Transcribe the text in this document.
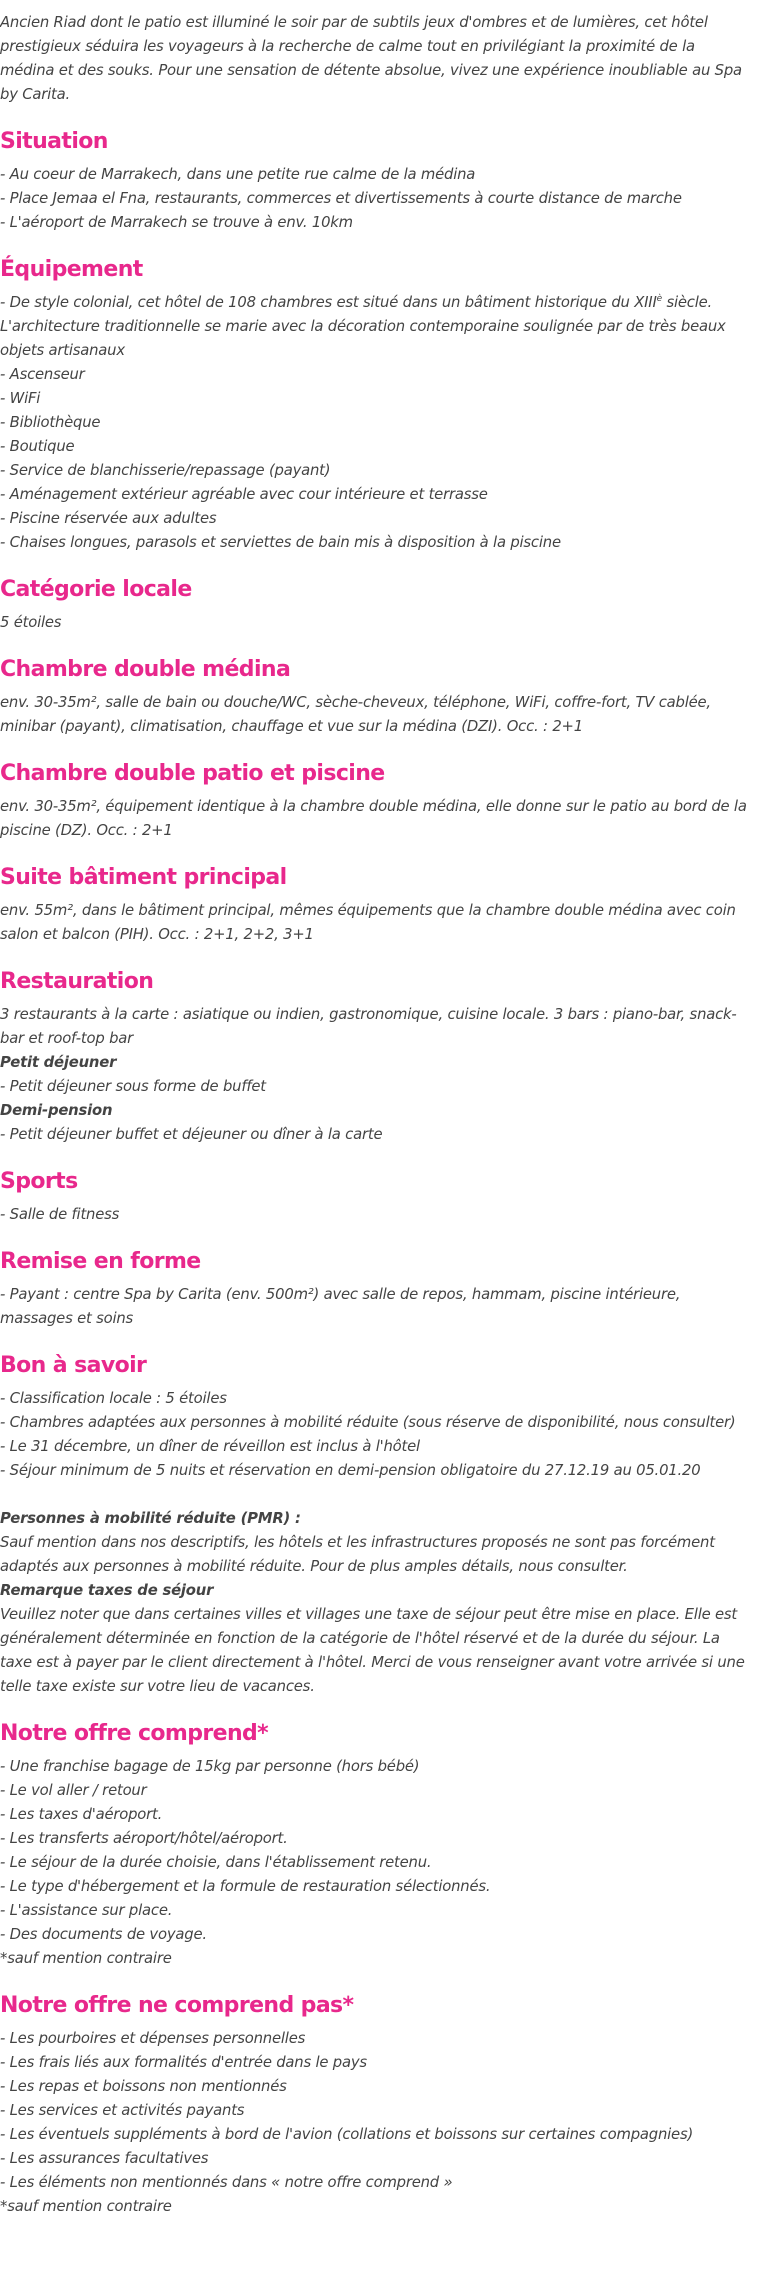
Ancien Riad dont le patio est illuminé le soir par de subtils jeux d'ombres et de lumières, cet hôtel prestigieux séduira les voyageurs à la recherche de calme tout en privilégiant la proximité de la médina et des souks. Pour une sensation de détente absolue, vivez une expérience inoubliable au Spa by Carita.

Situation

- Au coeur de Marrakech, dans une petite rue calme de la médina

- Place Jemaa el Fna, restaurants, commerces et divertissements à courte distance de marche

- L'aéroport de Marrakech se trouve à env. 10km

Équipement

- De style colonial, cet hôtel de 108 chambres est situé dans un bâtiment historique du $XIII^è$ siècle. L'architecture traditionnelle se marie avec la décoration contemporaine soulignée par de très beaux objets artisanaux

- Ascenseur

- WiFi

- Bibliothèque

- Boutique

- Service de blanchisserie/repassage (payant)

- Aménagement extérieur agréable avec cour intérieure et terrasse

- Piscine réservée aux adultes

- Chaises longues, parasols et serviettes de bain mis à disposition à la piscine

Catégorie locale

5 étoiles

Chambre double médina

env. 30-35m², salle de bain ou douche/WC, sèche-cheveux, téléphone, WiFi, coffre-fort, TV cablée, minibar (payant), climatisation, chauffage et vue sur la médina (DZI). Occ. : 2+1

Chambre double patio et piscine

env. 30-35m², équipement identique à la chambre double médina, elle donne sur le patio au bord de la piscine (DZ). Occ. : 2+1

Suite bâtiment principal

env. 55m², dans le bâtiment principal, mêmes équipements que la chambre double médina avec coin salon et balcon (PIH). Occ. : 2+1, 2+2, 3+1

Restauration

3 restaurants à la carte : asiatique ou indien, gastronomique, cuisine locale. 3 bars : piano-bar, snack-bar et roof-top bar

Petit déjeuner

- Petit déjeuner sous forme de buffet

Demi-pension

- Petit déjeuner buffet et déjeuner ou dîner à la carte

Sports

- Salle de fitness

Remise en forme

- Payant : centre Spa by Carita (env. 500m²) avec salle de repos, hammam, piscine intérieure, massages et soins

Bon à savoir

- Classification locale : 5 étoiles

- Chambres adaptées aux personnes à mobilité réduite (sous réserve de disponibilité, nous consulter)

- Le 31 décembre, un dîner de réveillon est inclus à l'hôtel

- Séjour minimum de 5 nuits et réservation en demi-pension obligatoire du 27.12.19 au 05.01.20

Personnes à mobilité réduite (PMR) :

Sauf mention dans nos descriptifs, les hôtels et les infrastructures proposés ne sont pas forcément adaptés aux personnes à mobilité réduite. Pour de plus amples détails, nous consulter.

Remarque taxes de séjour

Veuillez noter que dans certaines villes et villages une taxe de séjour peut être mise en place. Elle est généralement déterminée en fonction de la catégorie de l'hôtel réservé et de la durée du séjour. La taxe est à payer par le client directement à l'hôtel. Merci de vous renseigner avant votre arrivée si une telle taxe existe sur votre lieu de vacances.

Notre offre comprend*

- Une franchise bagage de 15kg par personne (hors bébé)

- Le vol aller / retour

- Les taxes d'aéroport.

- Les transferts aéroport/hôtel/aéroport.

- Le séjour de la durée choisie, dans l'établissement retenu.

- Le type d'hébergement et la formule de restauration sélectionnés.

- L'assistance sur place.

- Des documents de voyage.

*sauf mention contraire

Notre offre ne comprend pas*

- Les pourboires et dépenses personnelles

- Les frais liés aux formalités d'entrée dans le pays

- Les repas et boissons non mentionnés

- Les services et activités payants

- Les éventuels suppléments à bord de l'avion (collations et boissons sur certaines compagnies)

- Les assurances facultatives

- Les éléments non mentionnés dans « notre offre comprend »

*sauf mention contraire
